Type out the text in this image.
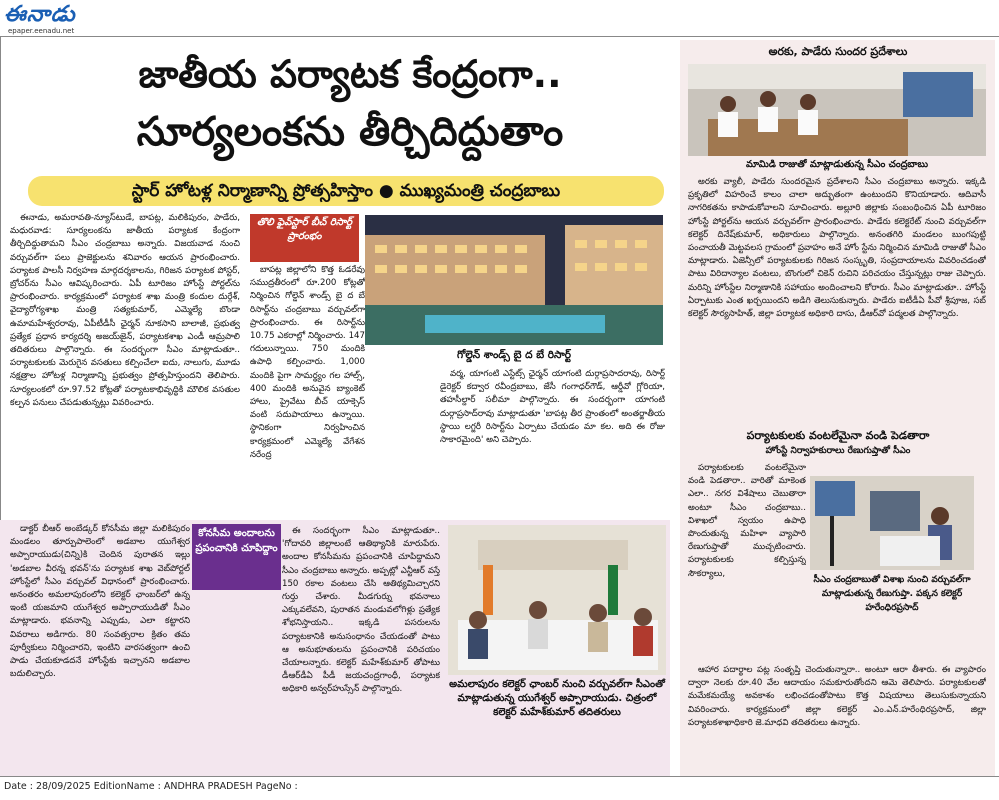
ఈనాడు
epaper.eenadu.net
జాతీయ పర్యాటక కేంద్రంగా..
సూర్యలంకను తీర్చిదిద్దుతాం
స్టార్ హోటళ్ల నిర్మాణాన్ని ప్రోత్సహిస్తాం ● ముఖ్యమంత్రి చంద్రబాబు

ఈనాడు, అమరావతి-న్యూస్‌టుడే, బాపట్ల, మలికిపురం, పాడేరు, మధురవాడ: సూర్యలంకను జాతీయ పర్యాటక కేంద్రంగా తీర్చిదిద్దుతామని సీఎం చంద్రబాబు అన్నారు. విజయవాడ నుంచి వర్చువల్‌గా పలు ప్రాజెక్టులను శనివారం ఆయన ప్రారంభించారు. పర్యాటక పాలసీ నిర్వహణ మార్గదర్శకాలను, గిరిజన పర్యాటక పోస్టర్, బ్రోచర్‌ను సీఎం ఆవిష్కరించారు. ఏపీ టూరిజం హోంస్టే పోర్టల్‌ను ప్రారంభించారు. కార్యక్రమంలో పర్యాటక శాఖ మంత్రి కందుల దుర్గేశ్, వైద్యారోగ్యశాఖ మంత్రి సత్యకుమార్, ఎమ్మెల్యే బొండా ఉమామహేశ్వరరావు, ఏపీటీడీసీ ఛైర్మన్ నూకసాని బాలాజీ, ప్రభుత్వ ప్రత్యేక ప్రధాన కార్యదర్శి అజయ్‌జైన్, పర్యాటకశాఖ ఎండీ ఆమ్రపాలి తదితరులు పాల్గొన్నారు. ఈ సందర్భంగా సీఎం మాట్లాడుతూ.. పర్యాటకులకు మెరుగైన వసతులు కల్పించేలా ఐదు, నాలుగు, మూడు నక్షత్రాల హోటళ్ల నిర్మాణాన్ని ప్రభుత్వం ప్రోత్సహిస్తుందని తెలిపారు. సూర్యలంకలో రూ.97.52 కోట్లతో పర్యాటకాభివృద్ధికి మౌలిక వసతుల కల్పన పనులు చేపడుతున్నట్లు వివరించారు.

తొలి ఫైవ్‌స్టార్ బీచ్ రిసార్ట్ ప్రారంభం

బాపట్ల జిల్లాలోని కొత్త ఓడరేవు సముద్రతీరంలో రూ.200 కోట్లతో నిర్మించిన గోల్డెన్ శాండ్స్ బై ద బే రిసార్ట్‌ను చంద్రబాబు వర్చువల్‌గా ప్రారంభించారు. ఈ రిసార్ట్‌ను 10.75 ఎకరాల్లో నిర్మించారు. 147 గదులున్నాయి. 750 మందికి ఉపాధి కల్పించారు. 1,000 మందికి పైగా సామర్థ్యం గల హాల్స్, 400 మందికి అనువైన బ్యాంకెట్ హాలు, ప్రైవేటు బీచ్ యాక్సెస్ వంటి సదుపాయాలు ఉన్నాయి. స్థానికంగా నిర్వహించిన కార్యక్రమంలో ఎమ్మెల్యే వేగేశన నరేంద్ర

గోల్డెన్ శాండ్స్ బై ద బే రిసార్ట్

వర్మ, యాగంటి ఎస్టేట్స్ ఛైర్మన్ యాగంటి దుర్గాప్రసాదరావు, రిసార్ట్ డైరెక్టర్ కద్వార రవీంద్రబాబు, జేసీ గంగాధర్‌గౌడ్, ఆర్డీవో గ్లోరియా, తహసీల్దార్ సలీమా పాల్గొన్నారు. ఈ సందర్భంగా యాగంటి దుర్గాప్రసాద్‌రావు మాట్లాడుతూ 'బాపట్ల తీర ప్రాంతంలో అంతర్జాతీయ స్థాయి లగ్జరీ రిసార్ట్‌ను ఏర్పాటు చేయడం మా కల. అది ఈ రోజు సాకారమైంది' అని చెప్పారు.

కోనసీమ అందాలను ప్రపంచానికి చూపిద్దాం

డాక్టర్ బీఆర్ అంబేడ్కర్ కోనసీమ జిల్లా మలికిపురం మండలం తూర్పుపాలెంలో అడబాల యుగేశ్వర అప్పారాయుడు(చిన్ని)కి చెందిన పురాతన ఇల్లు 'అడబాల వీరన్న భవన్'ను పర్యాటక శాఖ వెబ్‌పోర్టల్ హోంస్టేలో సీఎం వర్చువల్ విధానంలో ప్రారంభించారు. అనంతరం అమలాపురంలోని కలెక్టర్ ఛాంబర్‌లో ఉన్న ఇంటి యజమాని యుగేశ్వర అప్పారాయుడితో సీఎం మాట్లాడారు. భవనాన్ని ఎప్పుడు, ఎలా కట్టారని వివరాలు అడిగారు. 80 సంవత్సరాల క్రితం తమ పూర్వీకులు నిర్మించారని, ఇంటిని వారసత్వంగా ఉంచి పాడు చేయకూడదనే హోంస్టేకు ఇచ్చానని అడబాల బదులిచ్చారు.

ఈ సందర్భంగా సీఎం మాట్లాడుతూ.. 'గోదావరి జిల్లాలంటే ఆతిథ్యానికి మారుపేరు. అందాల కోనసీమను ప్రపంచానికి చూపిద్దామని సీఎం చంద్రబాబు అన్నారు. అప్పట్లో ఎన్టీఆర్ వస్తే 150 రకాల వంటలు చేసి ఆతిథ్యమిచ్చారని గుర్తు చేశారు. మీడగుర్ను భవనాలు ఎక్కువలేవని, పురాతన మండువలోగిళ్లు ప్రత్యేక శోభనిస్తాయని.. ఇక్కడి పసరులను పర్యాటకానికి అనుసంధానం చేయడంతో పాటు ఆ అనుభూతులను ప్రపంచానికి పరిచయం చేయాలన్నారు. కలెక్టర్ మహేశ్‌కుమార్ తోపాటు డీఆర్‌డీఏ పీడీ జయచంద్రగాంధీ, పర్యాటక అధికారి అన్వర్‌హుస్సేన్ పాల్గొన్నారు.	అమలాపురం కలెక్టర్ ఛాంబర్ నుంచి వర్చువల్‌గా సీఎంతో మాట్లాడుతున్న యుగేశ్వర్ అప్పారాయుడు. చిత్రంలో కలెక్టర్ మహేశ్‌కుమార్ తదితరులు
అరకు, పాడేరు సుందర ప్రదేశాలు
మామిడి రాజుతో మాట్లాడుతున్న సీఎం చంద్రబాబు

అరకు వ్యాలీ, పాడేరు సుందరమైన ప్రదేశాలని సీఎం చంద్రబాబు అన్నారు. ఇక్కడి ప్రకృతిలో విహరించే కాలం చాలా అద్భుతంగా ఉంటుందని కొనియాడారు. ఆదివాసీ నాగరికతను కాపాడుకోవాలని సూచించారు. అల్లూరి జిల్లాకు సంబంధించిన ఏపీ టూరిజం హోంస్టే పోర్టల్‌ను ఆయన వర్చువల్‌గా ప్రారంభించారు. పాడేరు కలెక్టరేట్ నుంచి వర్చువల్‌గా కలెక్టర్ దినేష్‌కుమార్, అధికారులు పాల్గొన్నారు. అనంతగిరి మండలం బుంగపుట్టి పంచాయతీ మెట్టవలస గ్రామంలో ప్రవాహం అనే హోం స్టేను నిర్మించిన మామిడి రాజుతో సీఎం మాట్లాడారు. ఏజెన్సీలో పర్యాటకులకు గిరిజన సంస్కృతి, సంప్రదాయాలను వివరించడంతో పాటు విరిదాన్యాల వంటలు, బొంగులో చికెన్ రుచిని పరిచయం చేస్తున్నట్లు రాజు చెప్పారు. మరిన్ని హోంస్టేల నిర్మాణానికి సహాయం అందించాలని కోరారు. సీఎం మాట్లాడుతూ.. హోంస్టే ఏర్పాటుకు ఎంత ఖర్చయిందని అడిగి తెలుసుకున్నారు. పాడేరు ఐటీడీఏ పీవో శ్రీపూజ, సబ్ కలెక్టర్ సౌర్యసాహిత్, జిల్లా పర్యాటక అధికారి దాసు, డీఆర్‌వో పద్మలత పాల్గొన్నారు.

పర్యాటకులకు వంటలేమైనా వండి పెడతారా
హోంస్టే నిర్వాహకురాలు రేణుగుప్తాతో సీఎం

పర్యాటకులకు వంటలేమైనా వండి పెడతారా.. వారితో మాకెంత ఎలా.. నగర విశేషాలు చెబుతారా అంటూ సీఎం చంద్రబాబు.. విశాఖలో స్వయం ఉపాధి పొందుతున్న మహిళా వ్యాపారి రేణుగుప్తాతో ముచ్చటించారు. పర్యాటకులకు కల్పిస్తున్న సౌకర్యాలు,

సీఎం చంద్రబాబుతో విశాఖ నుంచి వర్చువల్‌గా మాట్లాడుతున్న రేణుగుప్తా. పక్కన కలెక్టర్ హరేంధిరప్రసాద్

ఆహార పదార్థాల పట్ల సంతృప్తి చెందుతున్నారా.. అంటూ ఆరా తీశారు. ఈ వ్యాపారం ద్వారా నెలకు రూ.40 వేల ఆదాయం సమకూరుతోందని ఆమె తెలిపారు. పర్యాటకులతో మమేకమయ్యే అవకాశం లభించడంతోపాటు కొత్త విషయాలు తెలుసుకున్నాయని వివరించారు. కార్యక్రమంలో జిల్లా కలెక్టర్ ఎం.ఎన్.హరేంధిరప్రసాద్, జిల్లా పర్యాటకశాఖాధికారి జె.మాధవి తదితరులు ఉన్నారు.

Date : 28/09/2025 EditionName : ANDHRA PRADESH PageNo :
